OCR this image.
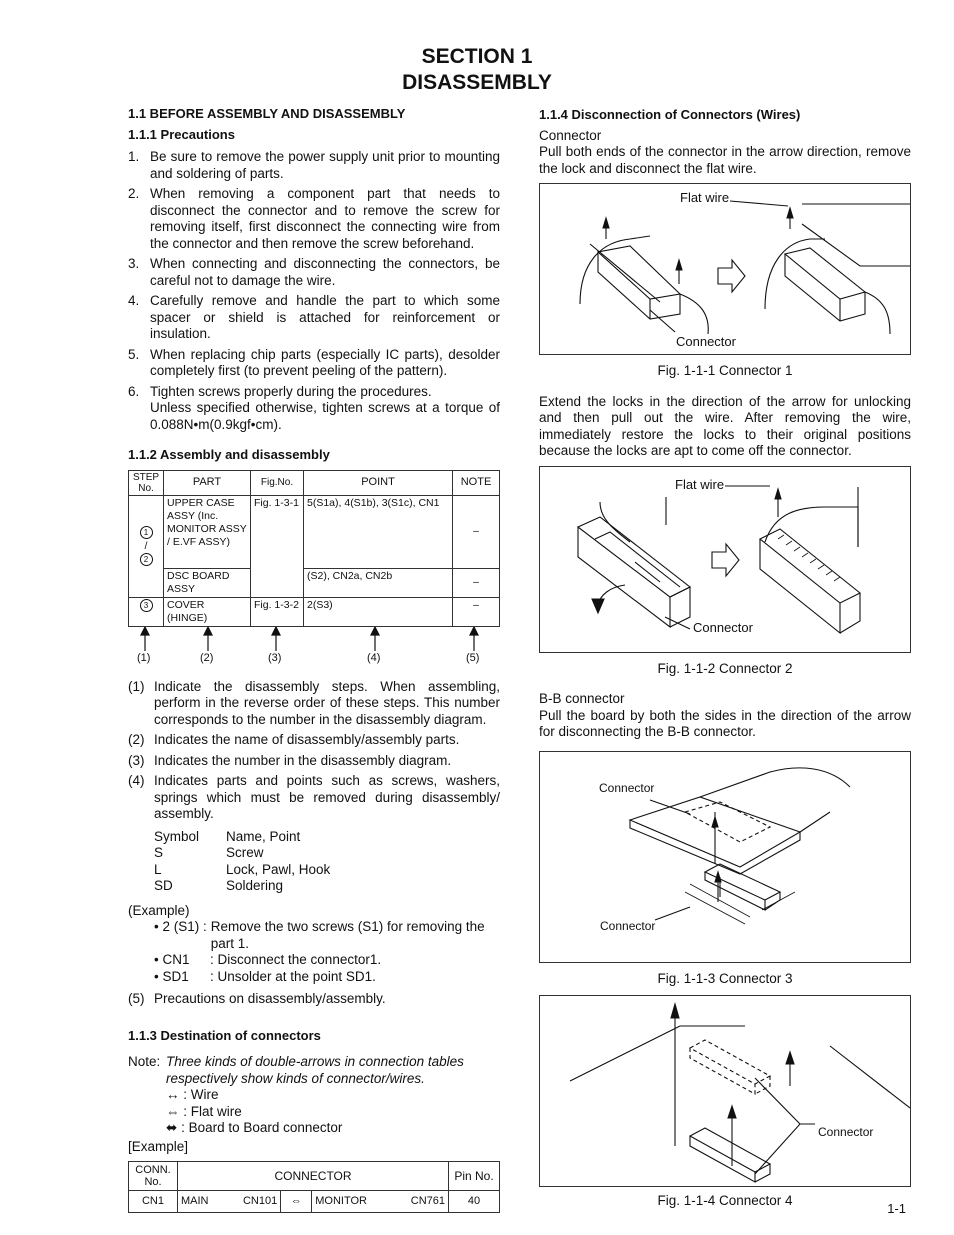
SECTION 1
DISASSEMBLY
1.1 BEFORE ASSEMBLY AND DISASSEMBLY
1.1.1 Precautions
1. Be sure to remove the power supply unit prior to mounting and soldering of parts.
2. When removing a component part that needs to disconnect the connector and to remove the screw for removing itself, first disconnect the connecting wire from the connector and then remove the screw beforehand.
3. When connecting and disconnecting the connectors, be careful not to damage the wire.
4. Carefully remove and handle the part to which some spacer or shield is attached for reinforcement or insulation.
5. When replacing chip parts (especially IC parts), desolder completely first (to prevent peeling of the pattern).
6. Tighten screws properly during the procedures.
Unless specified otherwise, tighten screws at a torque of 0.088N•m(0.9kgf•cm).
1.1.2 Assembly and disassembly
STEP No.	PART	Fig.No.	POINT	NOTE
1
/
2	UPPER CASE ASSY (Inc. MONITOR ASSY / E.VF ASSY)	Fig. 1-3-1	5(S1a), 4(S1b), 3(S1c), CN1	–
	DSC BOARD ASSY		(S2), CN2a, CN2b	–
3	COVER (HINGE)	Fig. 1-3-2	2(S3)	–
(1)	(2)	(3)	(4)	(5)
(1) Indicate the disassembly steps. When assembling, perform in the reverse order of these steps. This number corresponds to the number in the disassembly diagram.
(2) Indicates the name of disassembly/assembly parts.
(3) Indicates the number in the disassembly diagram.
(4) Indicates parts and points such as screws, washers, springs which must be removed during disassembly/ assembly.
Symbol	Name, Point
S	Screw
L	Lock, Pawl, Hook
SD	Soldering
(Example)
• 2 (S1) : Remove the two screws (S1) for removing the part 1.
• CN1	: Disconnect the connector1.
• SD1	: Unsolder at the point SD1.
(5) Precautions on disassembly/assembly.
1.1.3 Destination of connectors
Note: Three kinds of double-arrows in connection tables respectively show kinds of connector/wires.
↔ : Wire
⇔ : Flat wire
⬌ : Board to Board connector
[Example]
CONN. No.	CONNECTOR					Pin No.
CN1	MAIN	CN101	⇔	MONITOR	CN761	40
1.1.4 Disconnection of Connectors (Wires)
Connector
Pull both ends of the connector in the arrow direction, remove the lock and disconnect the flat wire.
Flat wire
Connector
Fig. 1-1-1 Connector 1
Extend the locks in the direction of the arrow for unlocking and then pull out the wire. After removing the wire, immediately restore the locks to their original positions because the locks are apt to come off the connector.
Flat wire
Connector
Fig. 1-1-2 Connector 2
B-B connector
Pull the board by both the sides in the direction of the arrow for disconnecting the B-B connector.
Connector
Connector
Fig. 1-1-3 Connector 3
Connector
Fig. 1-1-4 Connector 4
1-1
